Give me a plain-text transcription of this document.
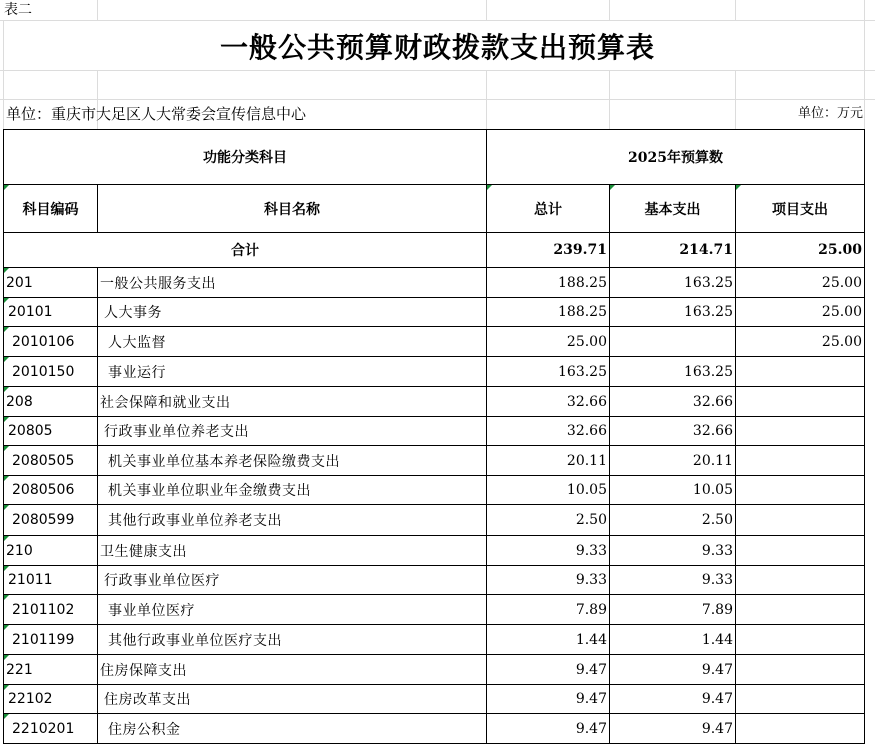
表二
一般公共预算财政拨款支出预算表
单位：重庆市大足区人大常委会宣传信息中心	单位：万元
功能分类科目		2025年预算数		
科目编码	科目名称	总计	基本支出	项目支出
合计		239.71	214.71	25.00
201	一般公共服务支出	188.25	163.25	25.00
20101	人大事务	188.25	163.25	25.00
2010106	人大监督	25.00		25.00
2010150	事业运行	163.25	163.25	
208	社会保障和就业支出	32.66	32.66	
20805	行政事业单位养老支出	32.66	32.66	
2080505	机关事业单位基本养老保险缴费支出	20.11	20.11	
2080506	机关事业单位职业年金缴费支出	10.05	10.05	
2080599	其他行政事业单位养老支出	2.50	2.50	
210	卫生健康支出	9.33	9.33	
21011	行政事业单位医疗	9.33	9.33	
2101102	事业单位医疗	7.89	7.89	
2101199	其他行政事业单位医疗支出	1.44	1.44	
221	住房保障支出	9.47	9.47	
22102	住房改革支出	9.47	9.47	
2210201	住房公积金	9.47	9.47	
